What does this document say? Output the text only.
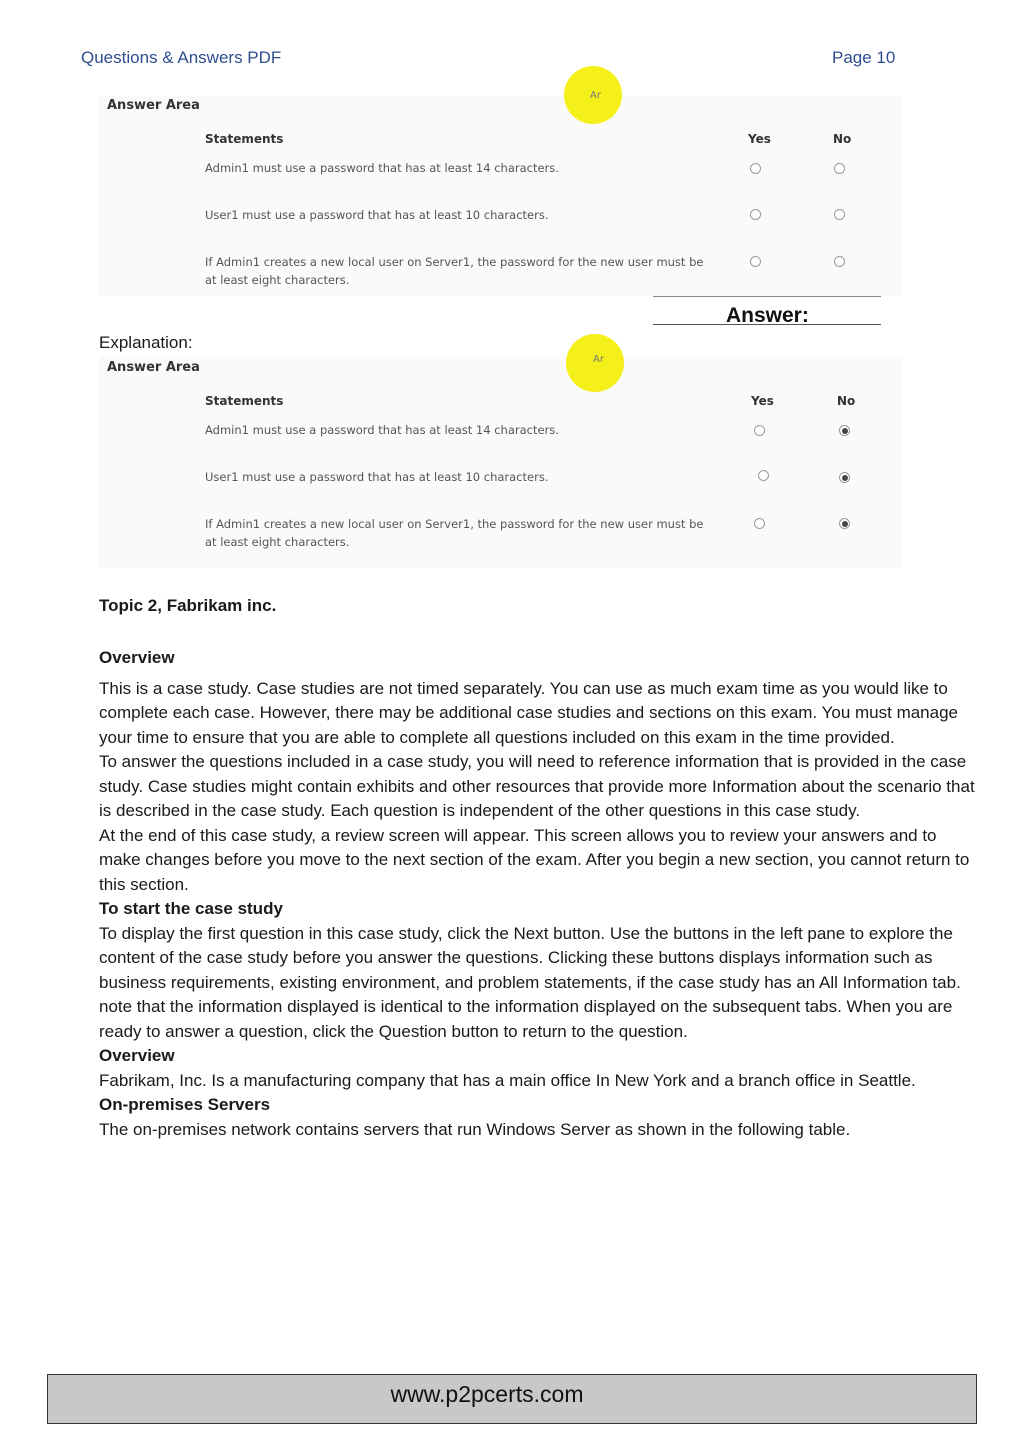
Questions & Answers PDF	Page 10
Ar
Answer Area
Statements	Yes	No
Admin1 must use a password that has at least 14 characters.
User1 must use a password that has at least 10 characters.
If Admin1 creates a new local user on Server1, the password for the new user must be at least eight characters.
Answer:
Explanation:
Ar
Answer Area
Statements	Yes	No
Admin1 must use a password that has at least 14 characters.
User1 must use a password that has at least 10 characters.
If Admin1 creates a new local user on Server1, the password for the new user must be at least eight characters.

Topic 2, Fabrikam inc.

Overview

This is a case study. Case studies are not timed separately. You can use as much exam time as you would like to complete each case. However, there may be additional case studies and sections on this exam. You must manage your time to ensure that you are able to complete all questions included on this exam in the time provided.

To answer the questions included in a case study, you will need to reference information that is provided in the case study. Case studies might contain exhibits and other resources that provide more Information about the scenario that is described in the case study. Each question is independent of the other questions in this case study.

At the end of this case study, a review screen will appear. This screen allows you to review your answers and to make changes before you move to the next section of the exam. After you begin a new section, you cannot return to this section.

To start the case study

To display the first question in this case study, click the Next button. Use the buttons in the left pane to explore the content of the case study before you answer the questions. Clicking these buttons displays information such as business requirements, existing environment, and problem statements, if the case study has an All Information tab. note that the information displayed is identical to the information displayed on the subsequent tabs. When you are ready to answer a question, click the Question button to return to the question.

Overview

Fabrikam, Inc. Is a manufacturing company that has a main office In New York and a branch office in Seattle.

On-premises Servers

The on-premises network contains servers that run Windows Server as shown in the following table.

www.p2pcerts.com
